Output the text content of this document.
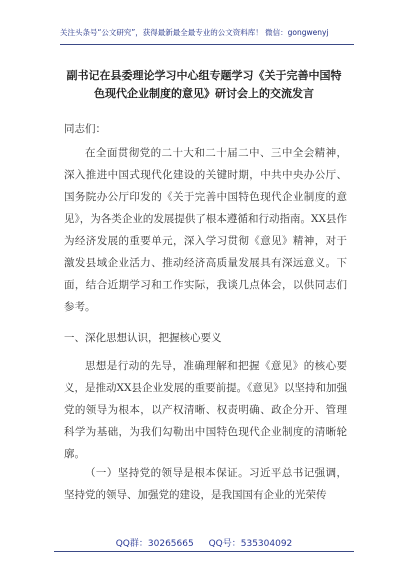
关注头条号“公文研究”，获得最新最全最专业的公文资料库！ 微信：gongwenyj
副书记在县委理论学习中心组专题学习《关于完善中国特色现代企业制度的意见》研讨会上的交流发言
同志们：
在全面贯彻党的二十大和二十届二中、三中全会精神，深入推进中国式现代化建设的关键时期，中共中央办公厅、国务院办公厅印发的《关于完善中国特色现代企业制度的意见》，为各类企业的发展提供了根本遵循和行动指南。XX县作为经济发展的重要单元，深入学习贯彻《意见》精神，对于激发县域企业活力、推动经济高质量发展具有深远意义。下面，结合近期学习和工作实际，我谈几点体会，以供同志们参考。
一、深化思想认识，把握核心要义
思想是行动的先导，准确理解和把握《意见》的核心要义，是推动XX县企业发展的重要前提。《意见》以坚持和加强党的领导为根本，以产权清晰、权责明确、政企分开、管理科学为基础，为我们勾勒出中国特色现代企业制度的清晰轮廓。
（一）坚持党的领导是根本保证。习近平总书记强调，坚持党的领导、加强党的建设，是我国国有企业的光荣传
QQ群：30265665 QQ号：535304092
